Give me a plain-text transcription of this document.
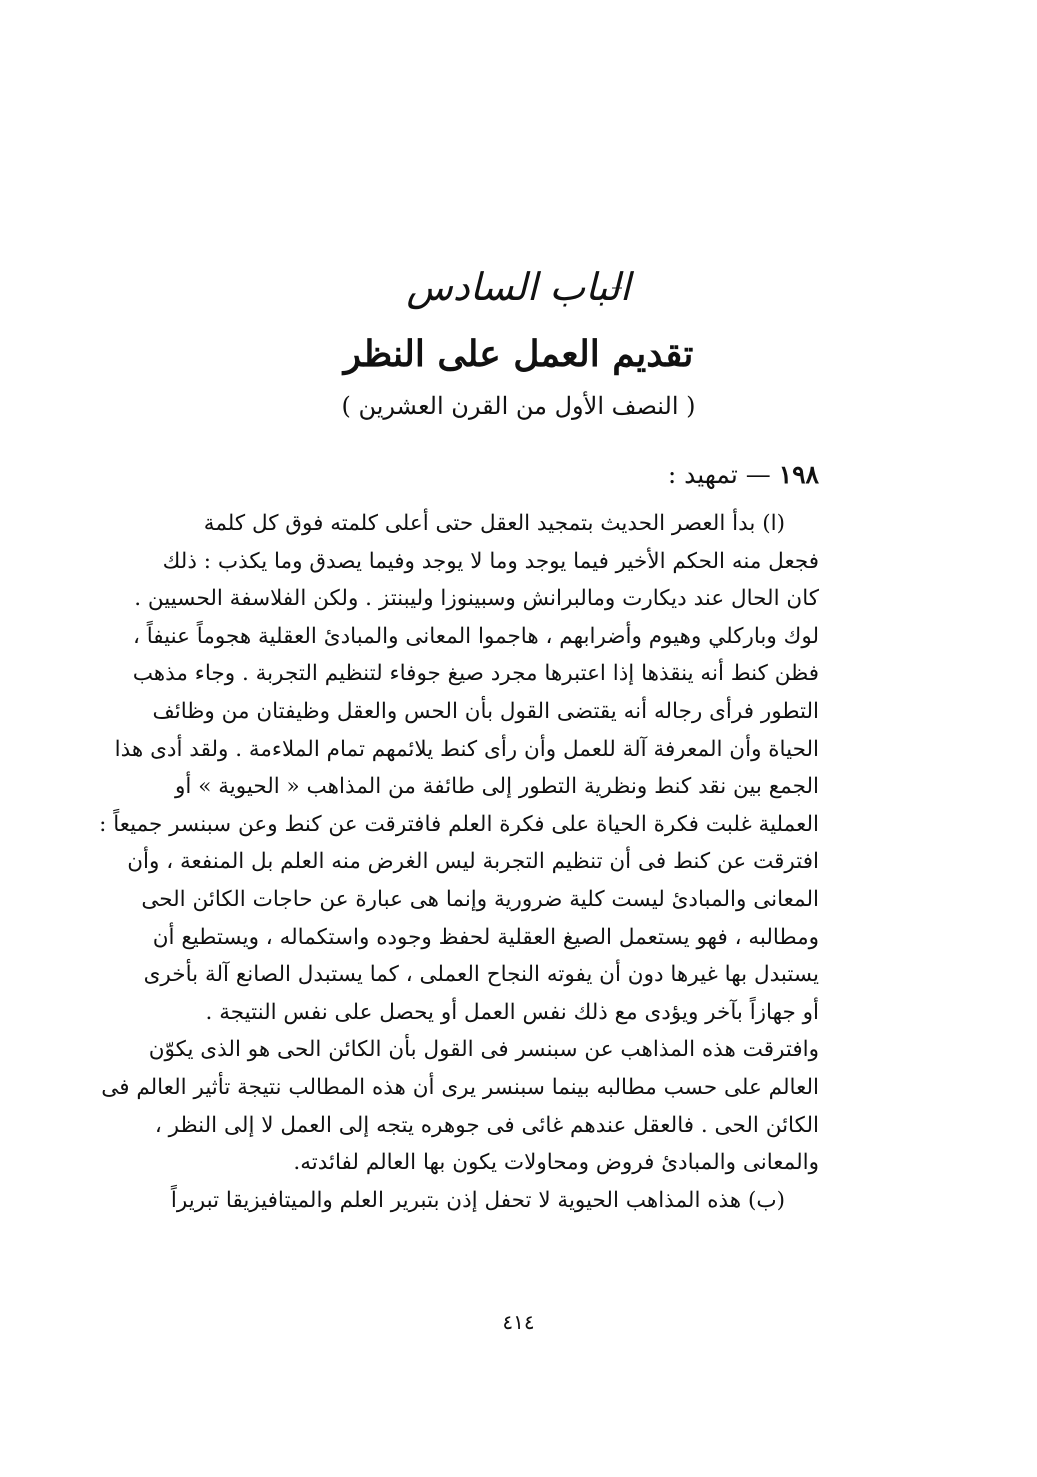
الباب السادس
تقديم العمل على النظر
( النصف الأول من القرن العشرين )
١٩٨ — تمهيد :
(ا) بدأ العصر الحديث بتمجيد العقل حتى أعلى كلمته فوق كل كلمة
فجعل منه الحكم الأخير فيما يوجد وما لا يوجد وفيما يصدق وما يكذب : ذلك
كان الحال عند ديكارت ومالبرانش وسبينوزا وليبنتز . ولكن الفلاسفة الحسيين .
لوك وباركلي وهيوم وأضرابهم ، هاجموا المعانى والمبادئ العقلية هجوماً عنيفاً ،
فظن كنط أنه ينقذها إذا اعتبرها مجرد صيغ جوفاء لتنظيم التجربة . وجاء مذهب
التطور فرأى رجاله أنه يقتضى القول بأن الحس والعقل وظيفتان من وظائف
الحياة وأن المعرفة آلة للعمل وأن رأى كنط يلائمهم تمام الملاءمة . ولقد أدى هذا
الجمع بين نقد كنط ونظرية التطور إلى طائفة من المذاهب « الحيوية » أو
العملية غلبت فكرة الحياة على فكرة العلم فافترقت عن كنط وعن سبنسر جميعاً :
افترقت عن كنط فى أن تنظيم التجربة ليس الغرض منه العلم بل المنفعة ، وأن
المعانى والمبادئ ليست كلية ضرورية وإنما هى عبارة عن حاجات الكائن الحى
ومطالبه ، فهو يستعمل الصيغ العقلية لحفظ وجوده واستكماله ، ويستطيع أن
يستبدل بها غيرها دون أن يفوته النجاح العملى ، كما يستبدل الصانع آلة بأخرى
أو جهازاً بآخر ويؤدى مع ذلك نفس العمل أو يحصل على نفس النتيجة .
وافترقت هذه المذاهب عن سبنسر فى القول بأن الكائن الحى هو الذى يكوّن
العالم على حسب مطالبه بينما سبنسر يرى أن هذه المطالب نتيجة تأثير العالم فى
الكائن الحى . فالعقل عندهم غائى فى جوهره يتجه إلى العمل لا إلى النظر ،
والمعانى والمبادئ فروض ومحاولات يكون بها العالم لفائدته.
(ب) هذه المذاهب الحيوية لا تحفل إذن بتبرير العلم والميتافيزيقا تبريراً
٤١٤
